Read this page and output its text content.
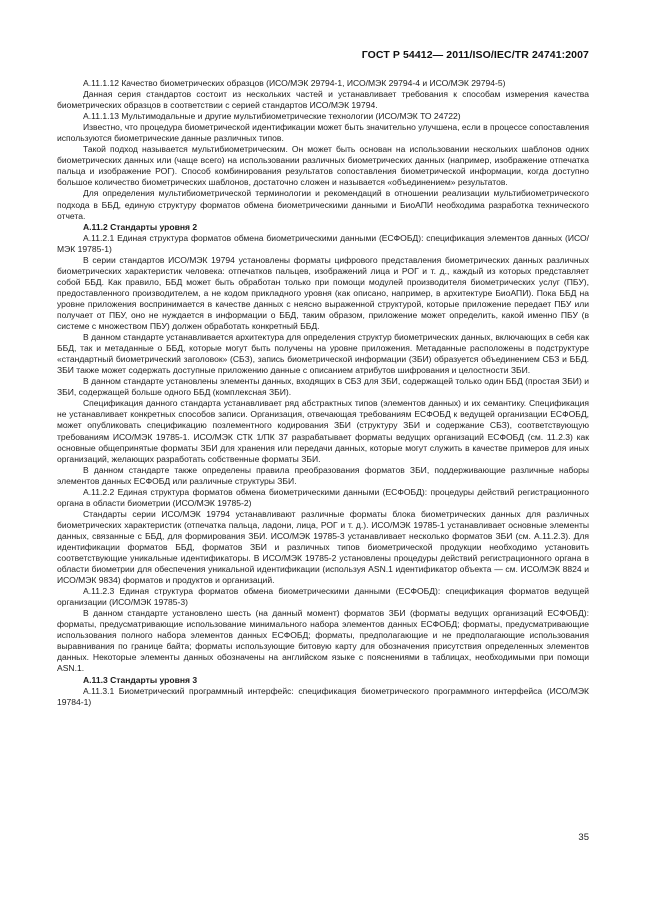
ГОСТ Р 54412— 2011/ISO/IEC/TR 24741:2007

А.11.1.12 Качество биометрических образцов (ИСО/МЭК 29794-1, ИСО/МЭК 29794-4 и ИСО/МЭК 29794-5)

Данная серия стандартов состоит из нескольких частей и устанавливает требования к способам измерения качества биометрических образцов в соответствии с серией стандартов ИСО/МЭК 19794.

А.11.1.13 Мультимодальные и другие мультибиометрические технологии (ИСО/МЭК ТО 24722)

Известно, что процедура биометрической идентификации может быть значительно улучшена, если в процессе сопоставления используются биометрические данные различных типов.

Такой подход называется мультибиометрическим. Он может быть основан на использовании нескольких шаблонов одних биометрических данных или (чаще всего) на использовании различных биометрических данных (например, изображение отпечатка пальца и изображение РОГ). Способ комбинирования результатов сопоставления биометрической информации, когда доступно большое количество биометрических шаблонов, достаточно сложен и называется «объединением» результатов.

Для определения мультибиометрической терминологии и рекомендаций в отношении реализации мультибиометрического подхода в ББД, единую структуру форматов обмена биометрическими данными и БиоАПИ необходима разработка технического отчета.

А.11.2 Стандарты уровня 2

А.11.2.1 Единая структура форматов обмена биометрическими данными (ЕСФОБД): спецификация элементов данных (ИСО/МЭК 19785-1)

В серии стандартов ИСО/МЭК 19794 установлены форматы цифрового представления биометрических данных различных биометрических характеристик человека: отпечатков пальцев, изображений лица и РОГ и т. д., каждый из которых представляет собой ББД. Как правило, ББД может быть обработан только при помощи модулей производителя биометрических услуг (ПБУ), предоставленного производителем, а не кодом прикладного уровня (как описано, например, в архитектуре БиоАПИ). Пока ББД на уровне приложения воспринимается в качестве данных с неясно выраженной структурой, которые приложение передает ПБУ или получает от ПБУ, оно не нуждается в информации о ББД, таким образом, приложение может определить, какой именно ПБУ (в системе с множеством ПБУ) должен обработать конкретный ББД.

В данном стандарте устанавливается архитектура для определения структур биометрических данных, включающих в себя как ББД, так и метаданные о ББД, которые могут быть получены на уровне приложения. Метаданные расположены в подструктуре «стандартный биометрический заголовок» (СБЗ), запись биометрической информации (ЗБИ) образуется объединением СБЗ и ББД. ЗБИ также может содержать доступные приложению данные с описанием атрибутов шифрования и целостности ЗБИ.

В данном стандарте установлены элементы данных, входящих в СБЗ для ЗБИ, содержащей только один ББД (простая ЗБИ) и ЗБИ, содержащей больше одного ББД (комплексная ЗБИ).

Спецификация данного стандарта устанавливает ряд абстрактных типов (элементов данных) и их семантику. Спецификация не устанавливает конкретных способов записи. Организация, отвечающая требованиям ЕСФОБД к ведущей организации ЕСФОБД, может опубликовать спецификацию позлементного кодирования ЗБИ (структуру ЗБИ и содержание СБЗ), соответствующую требованиям ИСО/МЭК 19785-1. ИСО/МЭК СТК 1/ПК 37 разрабатывает форматы ведущих организаций ЕСФОБД (см. 11.2.3) как основные общепринятые форматы ЗБИ для хранения или передачи данных, которые могут служить в качестве примеров для иных организаций, желающих разработать собственные форматы ЗБИ.

В данном стандарте также определены правила преобразования форматов ЗБИ, поддерживающие различные наборы элементов данных ЕСФОБД или различные структуры ЗБИ.

А.11.2.2 Единая структура форматов обмена биометрическими данными (ЕСФОБД): процедуры действий регистрационного органа в области биометрии (ИСО/МЭК 19785-2)

Стандарты серии ИСО/МЭК 19794 устанавливают различные форматы блока биометрических данных для различных биометрических характеристик (отпечатка пальца, ладони, лица, РОГ и т. д.). ИСО/МЭК 19785-1 устанавливает основные элементы данных, связанные с ББД, для формирования ЗБИ. ИСО/МЭК 19785-3 устанавливает несколько форматов ЗБИ (см. А.11.2.3). Для идентификации форматов ББД, форматов ЗБИ и различных типов биометрической продукции необходимо установить соответствующие уникальные идентификаторы. В ИСО/МЭК 19785-2 установлены процедуры действий регистрационного органа в области биометрии для обеспечения уникальной идентификации (используя ASN.1 идентификатор объекта — см. ИСО/МЭК 8824 и ИСО/МЭК 9834) форматов и продуктов и организаций.

А.11.2.3 Единая структура форматов обмена биометрическими данными (ЕСФОБД): спецификация форматов ведущей организации (ИСО/МЭК 19785-3)

В данном стандарте установлено шесть (на данный момент) форматов ЗБИ (форматы ведущих организаций ЕСФОБД): форматы, предусматривающие использование минимального набора элементов данных ЕСФОБД; форматы, предусматривающие использования полного набора элементов данных ЕСФОБД; форматы, предполагающие и не предполагающие использования выравнивания по границе байта; форматы использующие битовую карту для обозначения присутствия определенных элементов данных. Некоторые элементы данных обозначены на английском языке с пояснениями в таблицах, необходимыми при помощи ASN.1.

А.11.3 Стандарты уровня 3

А.11.3.1 Биометрический программный интерфейс: спецификация биометрического программного интерфейса (ИСО/МЭК 19784-1)

35
